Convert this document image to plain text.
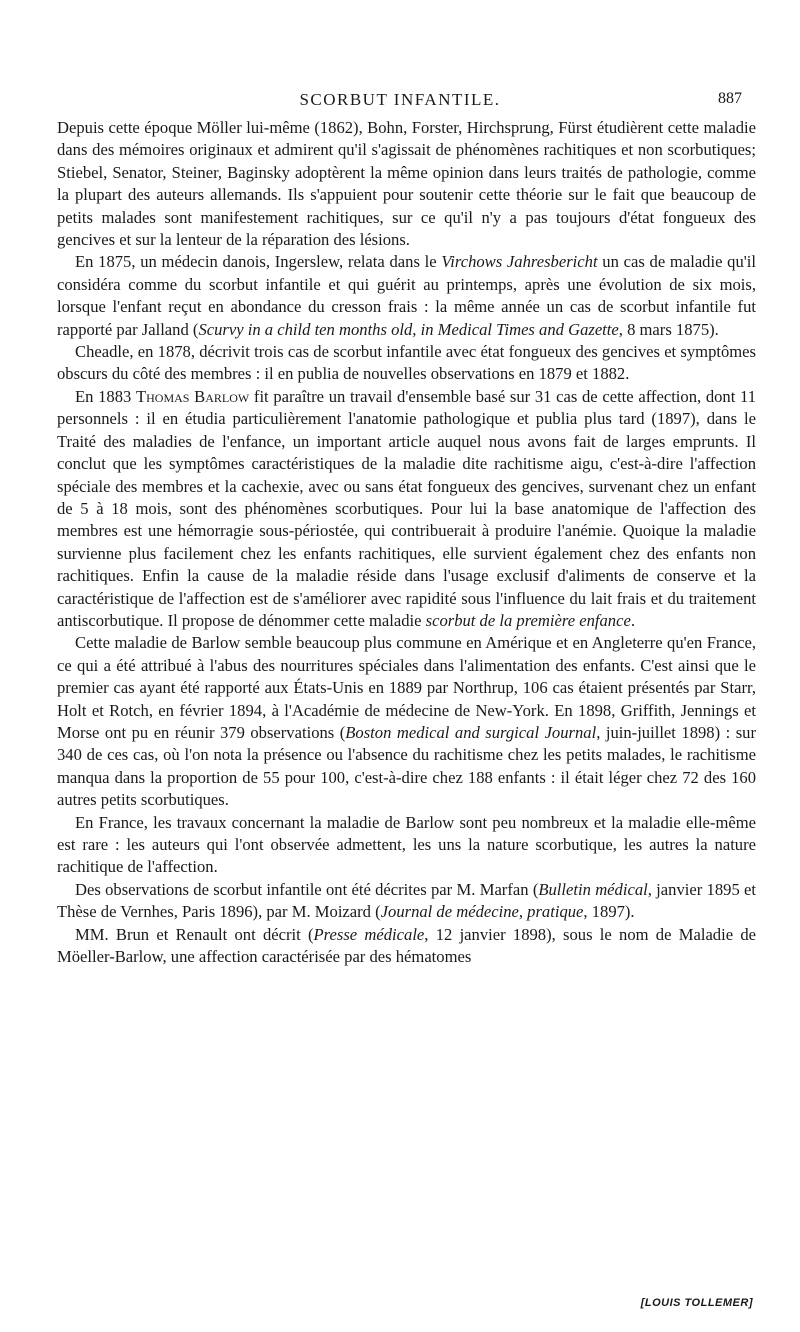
SCORBUT INFANTILE.	887

Depuis cette époque Möller lui-même (1862), Bohn, Forster, Hirchsprung, Fürst étudièrent cette maladie dans des mémoires originaux et admirent qu'il s'agissait de phénomènes rachitiques et non scorbutiques; Stiebel, Senator, Steiner, Baginsky adoptèrent la même opinion dans leurs traités de pathologie, comme la plupart des auteurs allemands. Ils s'appuient pour soutenir cette théorie sur le fait que beaucoup de petits malades sont manifestement rachitiques, sur ce qu'il n'y a pas toujours d'état fongueux des gencives et sur la lenteur de la réparation des lésions.

En 1875, un médecin danois, Ingerslew, relata dans le Virchows Jahresbericht un cas de maladie qu'il considéra comme du scorbut infantile et qui guérit au printemps, après une évolution de six mois, lorsque l'enfant reçut en abondance du cresson frais : la même année un cas de scorbut infantile fut rapporté par Jalland (Scurvy in a child ten months old, in Medical Times and Gazette, 8 mars 1875).

Cheadle, en 1878, décrivit trois cas de scorbut infantile avec état fongueux des gencives et symptômes obscurs du côté des membres : il en publia de nouvelles observations en 1879 et 1882.

En 1883 Thomas Barlow fit paraître un travail d'ensemble basé sur 31 cas de cette affection, dont 11 personnels : il en étudia particulièrement l'anatomie pathologique et publia plus tard (1897), dans le Traité des maladies de l'enfance, un important article auquel nous avons fait de larges emprunts. Il conclut que les symptômes caractéristiques de la maladie dite rachitisme aigu, c'est-à-dire l'affection spéciale des membres et la cachexie, avec ou sans état fongueux des gencives, survenant chez un enfant de 5 à 18 mois, sont des phénomènes scorbutiques. Pour lui la base anatomique de l'affection des membres est une hémorragie sous-périostée, qui contribuerait à produire l'anémie. Quoique la maladie survienne plus facilement chez les enfants rachitiques, elle survient également chez des enfants non rachitiques. Enfin la cause de la maladie réside dans l'usage exclusif d'aliments de conserve et la caractéristique de l'affection est de s'améliorer avec rapidité sous l'influence du lait frais et du traitement antiscorbutique. Il propose de dénommer cette maladie scorbut de la première enfance.

Cette maladie de Barlow semble beaucoup plus commune en Amérique et en Angleterre qu'en France, ce qui a été attribué à l'abus des nourritures spéciales dans l'alimentation des enfants. C'est ainsi que le premier cas ayant été rapporté aux États-Unis en 1889 par Northrup, 106 cas étaient présentés par Starr, Holt et Rotch, en février 1894, à l'Académie de médecine de New-York. En 1898, Griffith, Jennings et Morse ont pu en réunir 379 observations (Boston medical and surgical Journal, juin-juillet 1898) : sur 340 de ces cas, où l'on nota la présence ou l'absence du rachitisme chez les petits malades, le rachitisme manqua dans la proportion de 55 pour 100, c'est-à-dire chez 188 enfants : il était léger chez 72 des 160 autres petits scorbutiques.

En France, les travaux concernant la maladie de Barlow sont peu nombreux et la maladie elle-même est rare : les auteurs qui l'ont observée admettent, les uns la nature scorbutique, les autres la nature rachitique de l'affection.

Des observations de scorbut infantile ont été décrites par M. Marfan (Bulletin médical, janvier 1895 et Thèse de Vernhes, Paris 1896), par M. Moizard (Journal de médecine, pratique, 1897).

MM. Brun et Renault ont décrit (Presse médicale, 12 janvier 1898), sous le nom de Maladie de Möeller-Barlow, une affection caractérisée par des hématomes

[LOUIS TOLLEMER]
